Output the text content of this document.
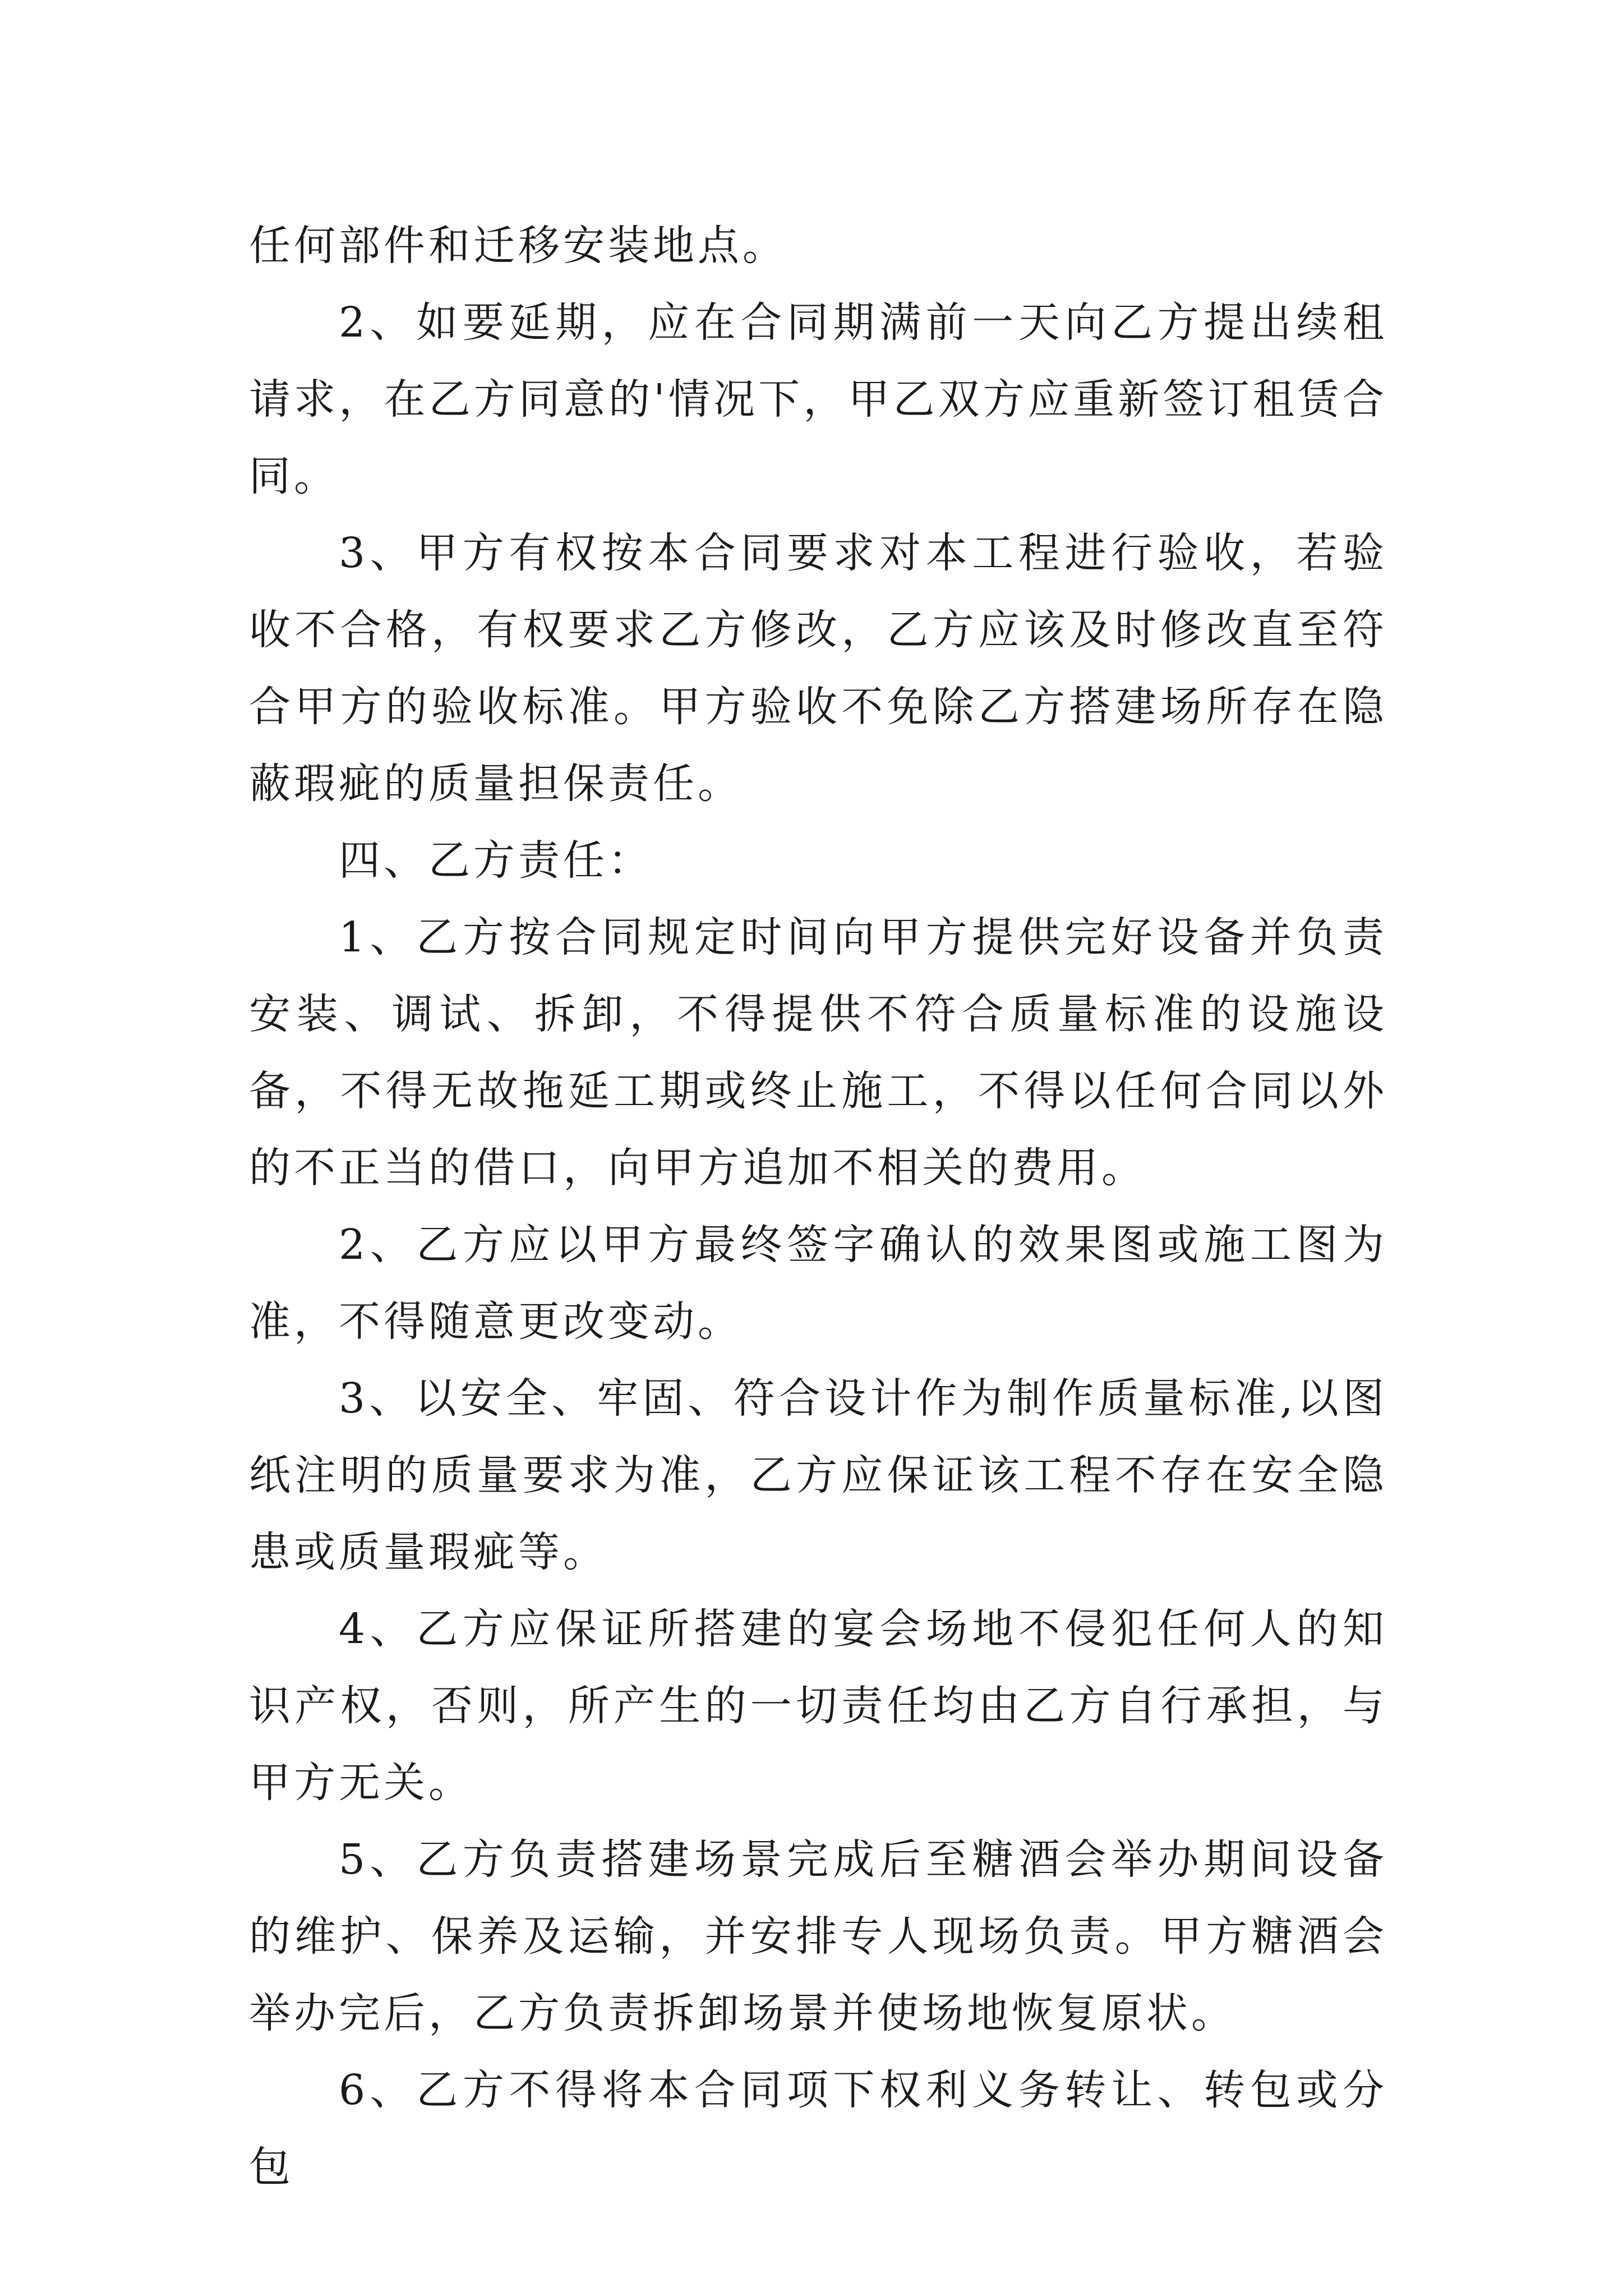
任何部件和迁移安装地点。

2、如要延期，应在合同期满前一天向乙方提出续租请求，在乙方同意的'情况下，甲乙双方应重新签订租赁合同。

3、甲方有权按本合同要求对本工程进行验收，若验收不合格，有权要求乙方修改，乙方应该及时修改直至符合甲方的验收标准。甲方验收不免除乙方搭建场所存在隐蔽瑕疵的质量担保责任。

四、乙方责任：

1、乙方按合同规定时间向甲方提供完好设备并负责安装、调试、拆卸，不得提供不符合质量标准的设施设备，不得无故拖延工期或终止施工，不得以任何合同以外的不正当的借口，向甲方追加不相关的费用。

2、乙方应以甲方最终签字确认的效果图或施工图为准，不得随意更改变动。

3、以安全、牢固、符合设计作为制作质量标准,以图纸注明的质量要求为准，乙方应保证该工程不存在安全隐患或质量瑕疵等。

4、乙方应保证所搭建的宴会场地不侵犯任何人的知识产权，否则，所产生的一切责任均由乙方自行承担，与甲方无关。

5、乙方负责搭建场景完成后至糖酒会举办期间设备的维护、保养及运输，并安排专人现场负责。甲方糖酒会举办完后，乙方负责拆卸场景并使场地恢复原状。

6、乙方不得将本合同项下权利义务转让、转包或分包
